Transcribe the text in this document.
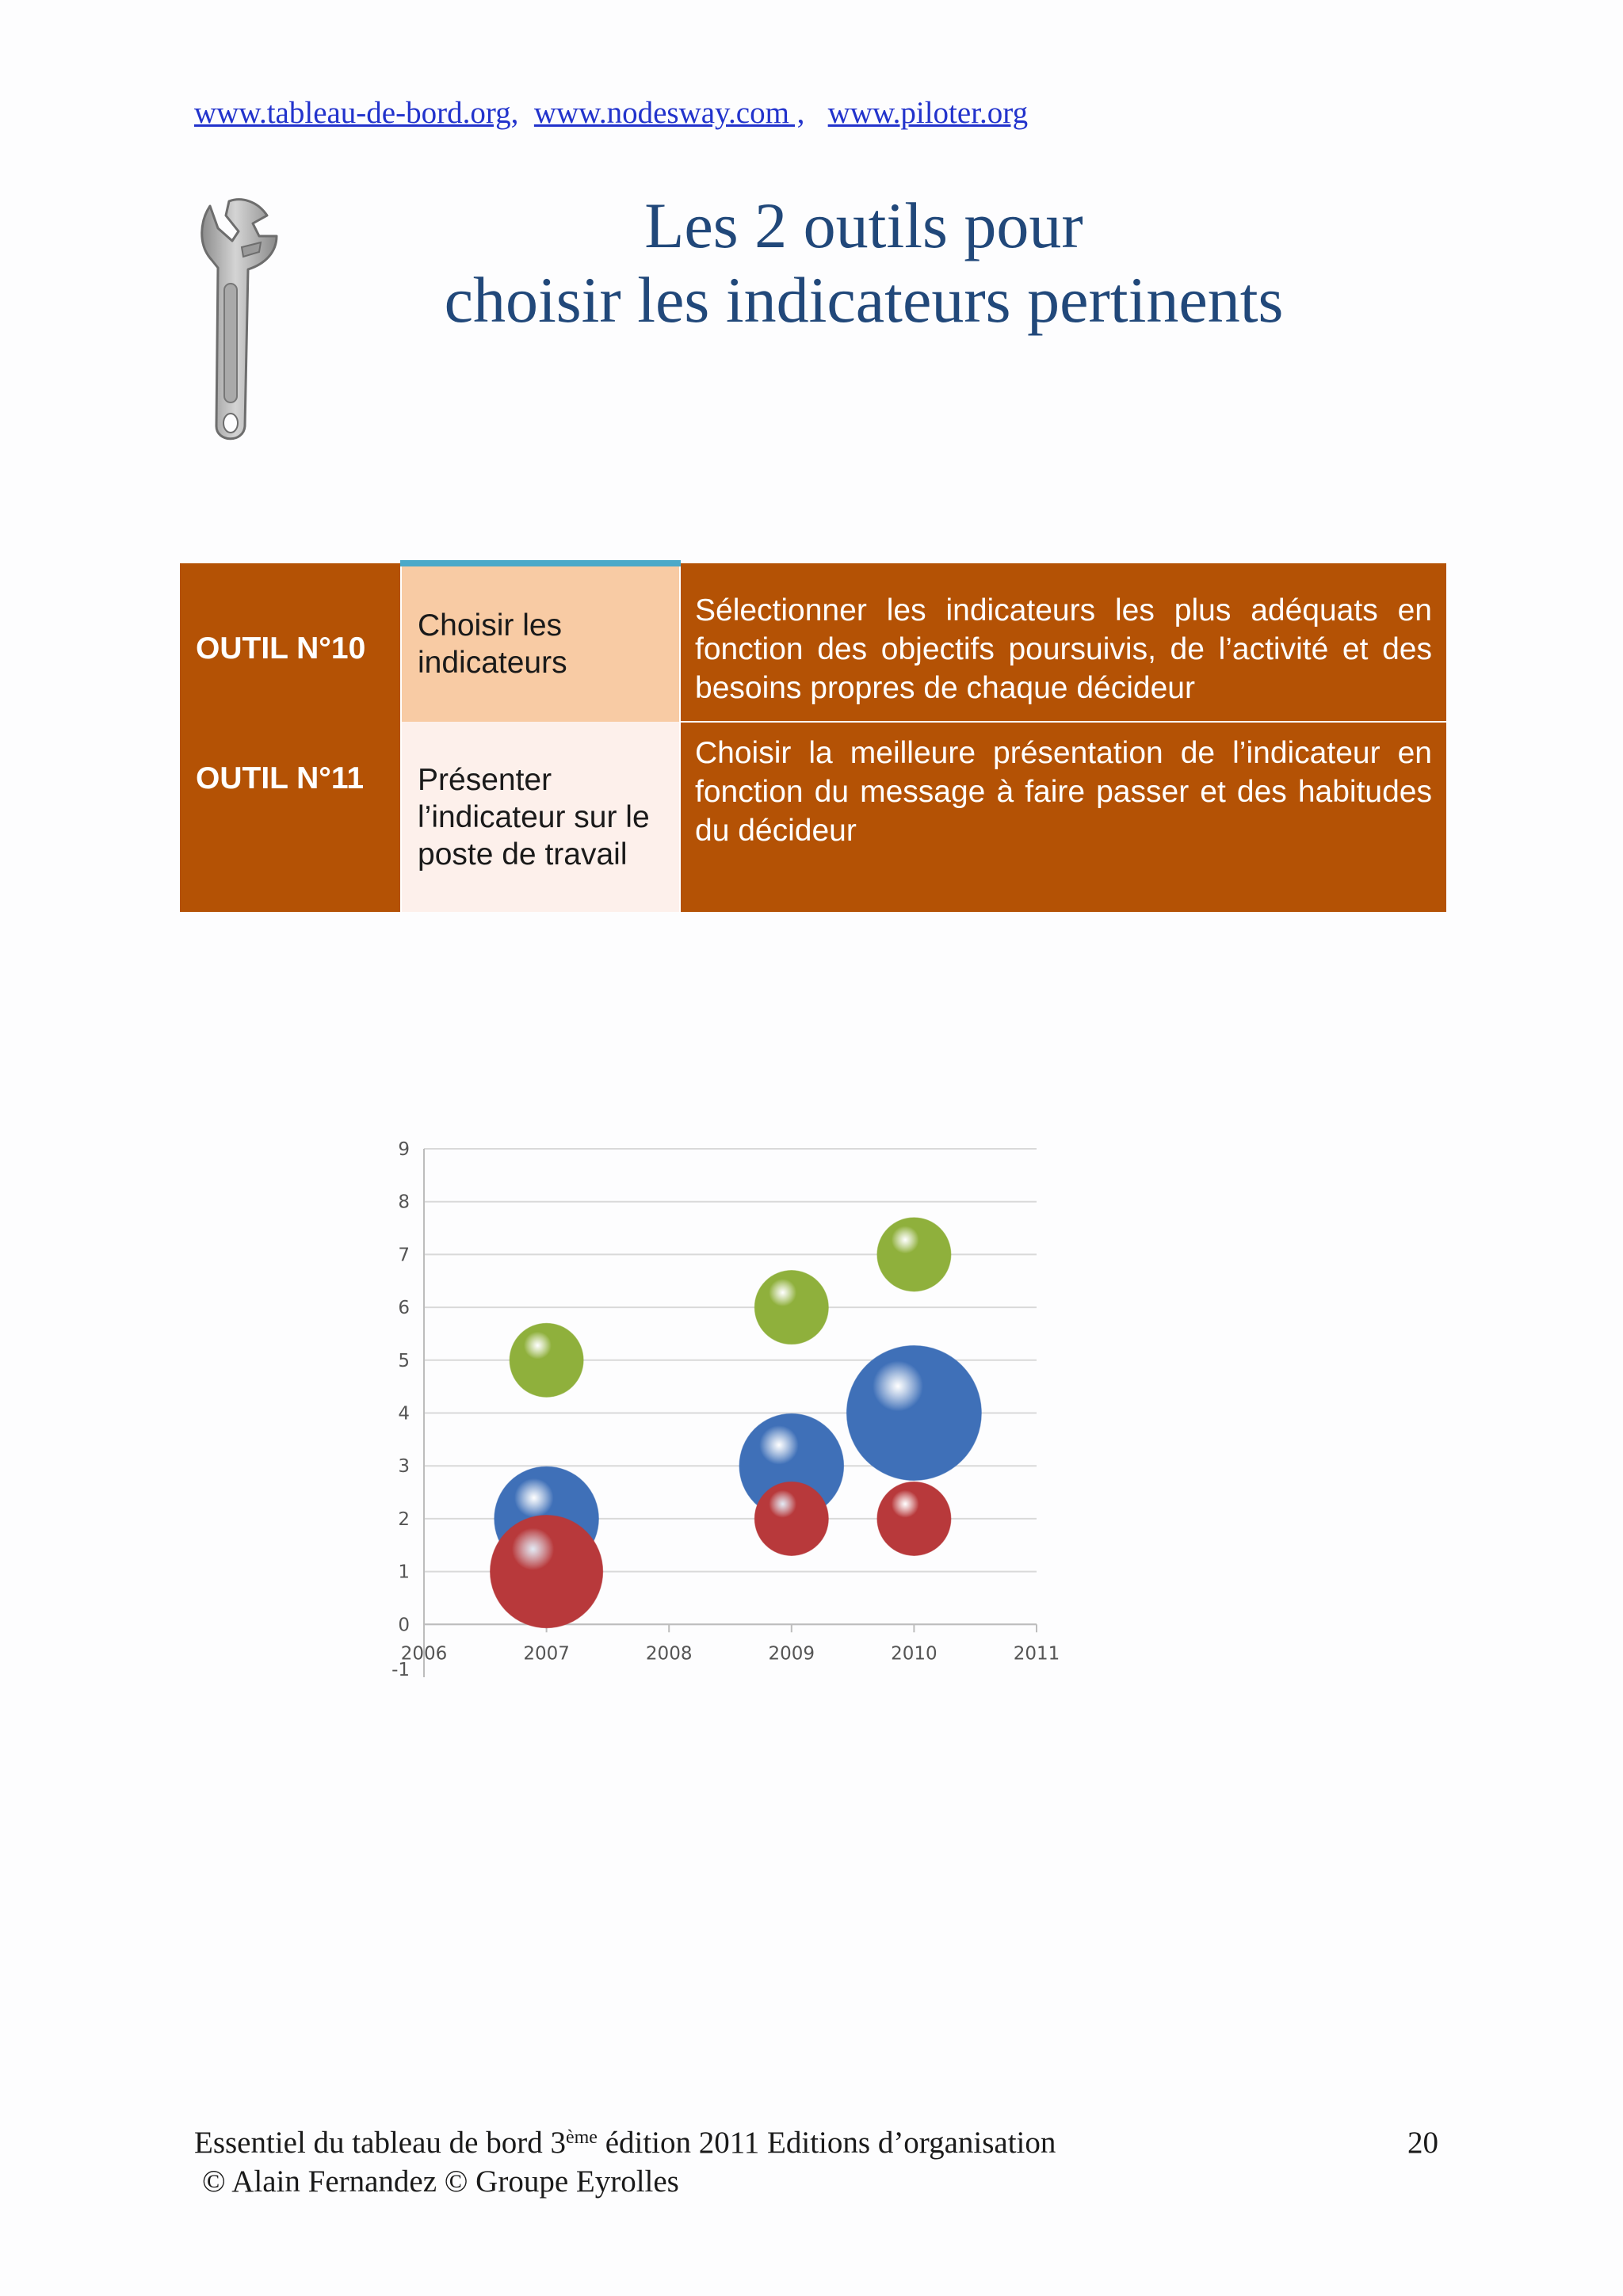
www.tableau-de-bord.org, www.nodesway.com , www.piloter.org
Les 2 outils pour
choisir les indicateurs pertinents
OUTIL N°10	Choisir les indicateurs	Sélectionner les indicateurs les plus adéquats en fonction des objectifs poursuivis, de l’activité et des besoins propres de chaque décideur
OUTIL N°11	Présenter l’indicateur sur le poste de travail	Choisir la meilleure présentation de l’indicateur en fonction du message à faire passer et des habitudes du décideur
-1
0
1
2
3
4
5
6
7
8
9
2006	2007	2008	2009	2010	2011
Essentiel du tableau de bord 3ème édition 2011 Editions d’organisation
© Alain Fernandez © Groupe Eyrolles
20
